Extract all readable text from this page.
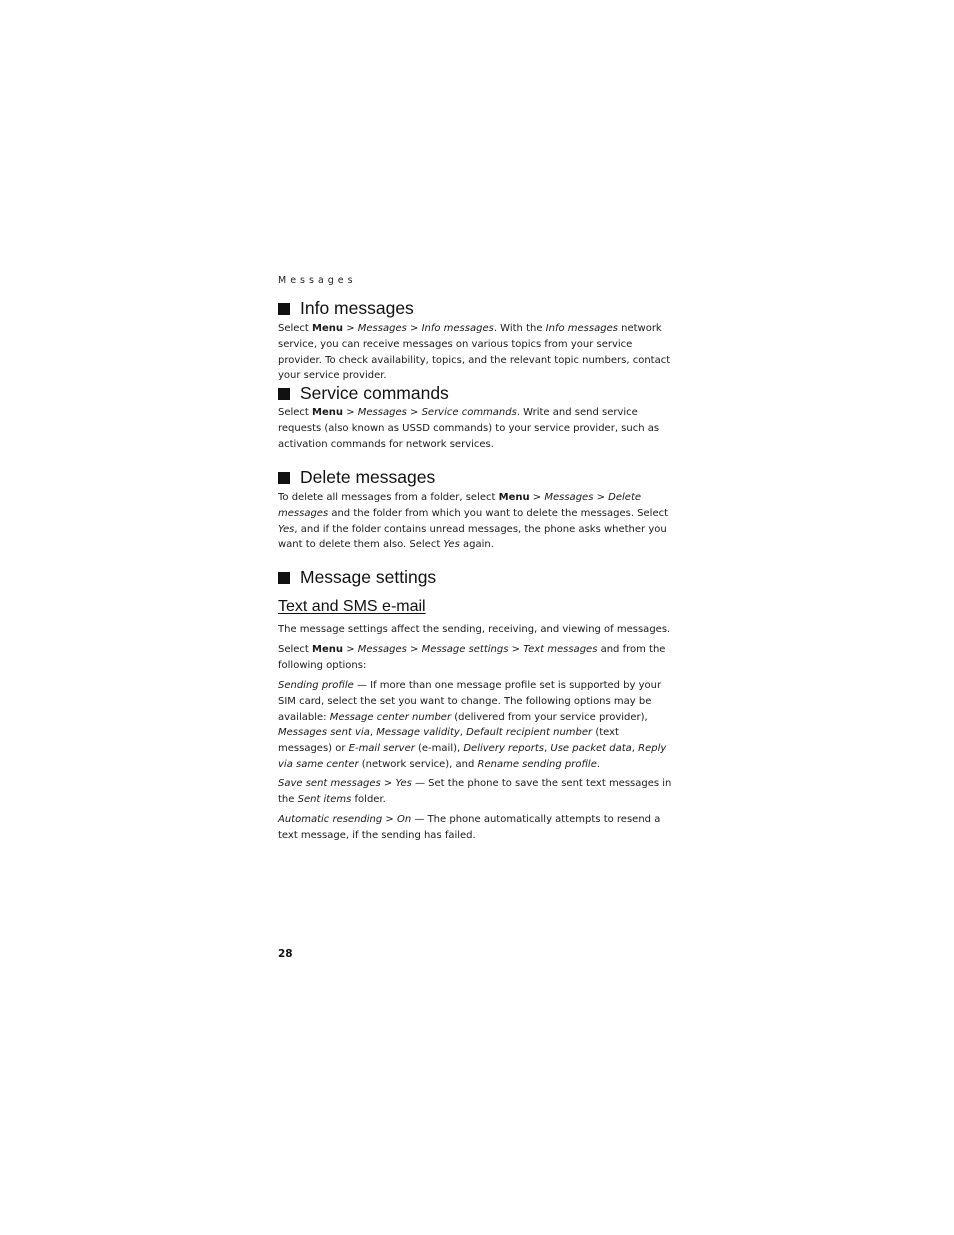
Messages
Info messages

Select Menu > Messages > Info messages. With the Info messages network service, you can receive messages on various topics from your service provider. To check availability, topics, and the relevant topic numbers, contact your service provider.

Service commands

Select Menu > Messages > Service commands. Write and send service requests (also known as USSD commands) to your service provider, such as activation commands for network services.

Delete messages

To delete all messages from a folder, select Menu > Messages > Delete messages and the folder from which you want to delete the messages. Select Yes, and if the folder contains unread messages, the phone asks whether you want to delete them also. Select Yes again.

Message settings
Text and SMS e-mail

The message settings affect the sending, receiving, and viewing of messages.

Select Menu > Messages > Message settings > Text messages and from the following options:

Sending profile — If more than one message profile set is supported by your SIM card, select the set you want to change. The following options may be available: Message center number (delivered from your service provider), Messages sent via, Message validity, Default recipient number (text messages) or E-mail server (e-mail), Delivery reports, Use packet data, Reply via same center (network service), and Rename sending profile.

Save sent messages > Yes — Set the phone to save the sent text messages in the Sent items folder.

Automatic resending > On — The phone automatically attempts to resend a text message, if the sending has failed.

28
